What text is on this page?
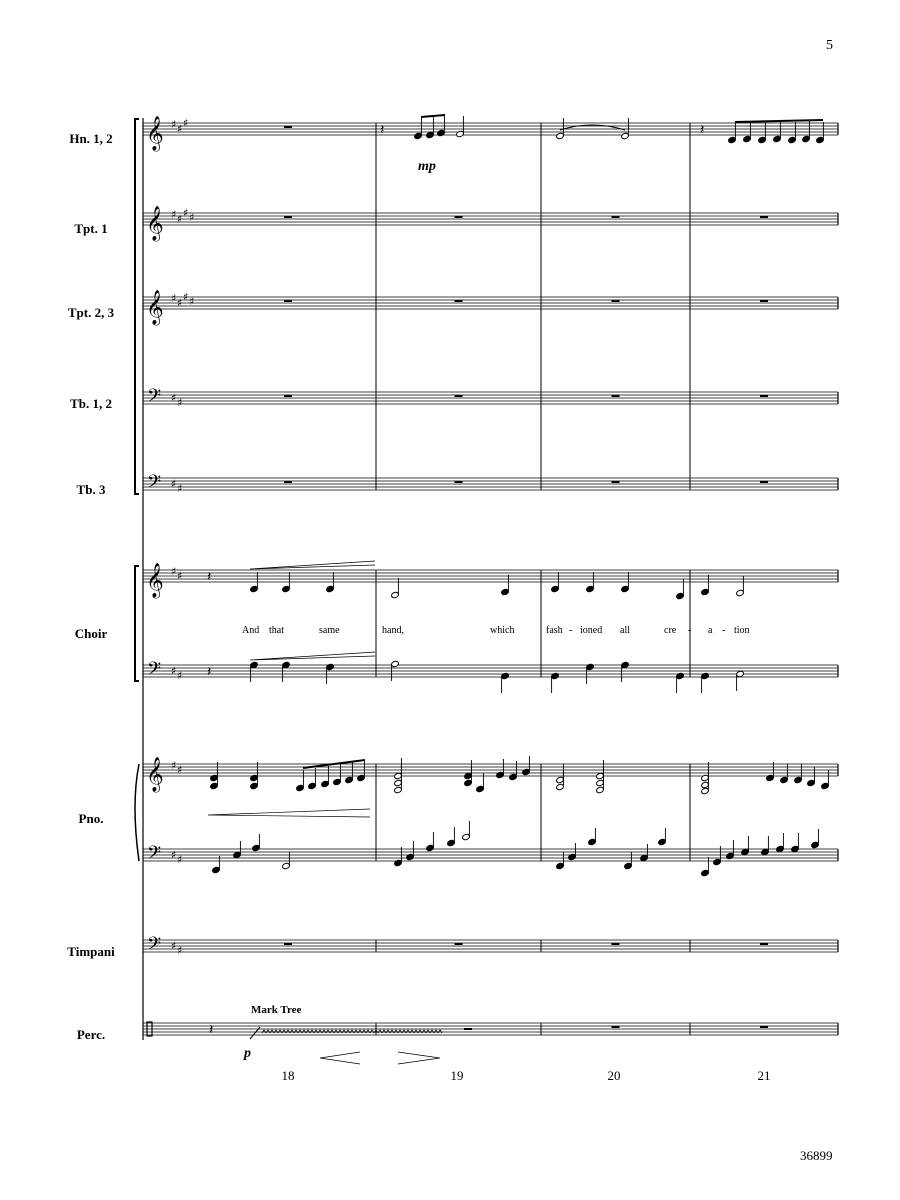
5
𝄞 ♯ ♯ ♯
𝄞 ♯ ♯ ♯ ♯
𝄞 ♯ ♯ ♯ ♯
𝄢 ♯ ♯
𝄢 ♯ ♯
𝄞 ♯ ♯
𝄢 ♯ ♯
𝄞 ♯ ♯
𝄢 ♯ ♯
𝄢 ♯ ♯
𝄽	𝄽
𝄽
𝄽
𝄽
Hn. 1, 2
Tpt. 1
Tpt. 2, 3
Tb. 1, 2
Tb. 3
Choir
Pno.
Timpani
Perc.
mp
p
Mark Tree
And that	same	hand,	which	fash - ioned all	cre - a - tion
18	19	20	21
36899
